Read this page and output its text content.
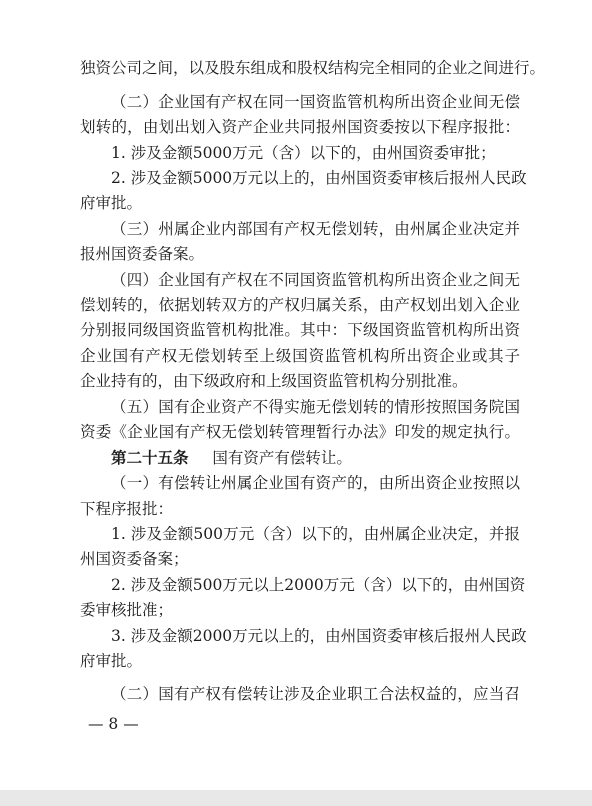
独资公司之间，以及股东组成和股权结构完全相同的企业之间进行。
（二）企业国有产权在同一国资监管机构所出资企业间无偿
划转的，由划出划入资产企业共同报州国资委按以下程序报批：
1. 涉及金额5000万元（含）以下的，由州国资委审批；
2. 涉及金额5000万元以上的，由州国资委审核后报州人民政
府审批。
（三）州属企业内部国有产权无偿划转，由州属企业决定并
报州国资委备案。
（四）企业国有产权在不同国资监管机构所出资企业之间无
偿划转的，依据划转双方的产权归属关系，由产权划出划入企业
分别报同级国资监管机构批准。其中：下级国资监管机构所出资
企业国有产权无偿划转至上级国资监管机构所出资企业或其子
企业持有的，由下级政府和上级国资监管机构分别批准。
（五）国有企业资产不得实施无偿划转的情形按照国务院国
资委《企业国有产权无偿划转管理暂行办法》印发的规定执行。
第二十五条 国有资产有偿转让。
（一）有偿转让州属企业国有资产的，由所出资企业按照以
下程序报批：
1. 涉及金额500万元（含）以下的，由州属企业决定，并报
州国资委备案；
2. 涉及金额500万元以上2000万元（含）以下的，由州国资
委审核批准；
3. 涉及金额2000万元以上的，由州国资委审核后报州人民政
府审批。
（二）国有产权有偿转让涉及企业职工合法权益的，应当召
— 8 —
